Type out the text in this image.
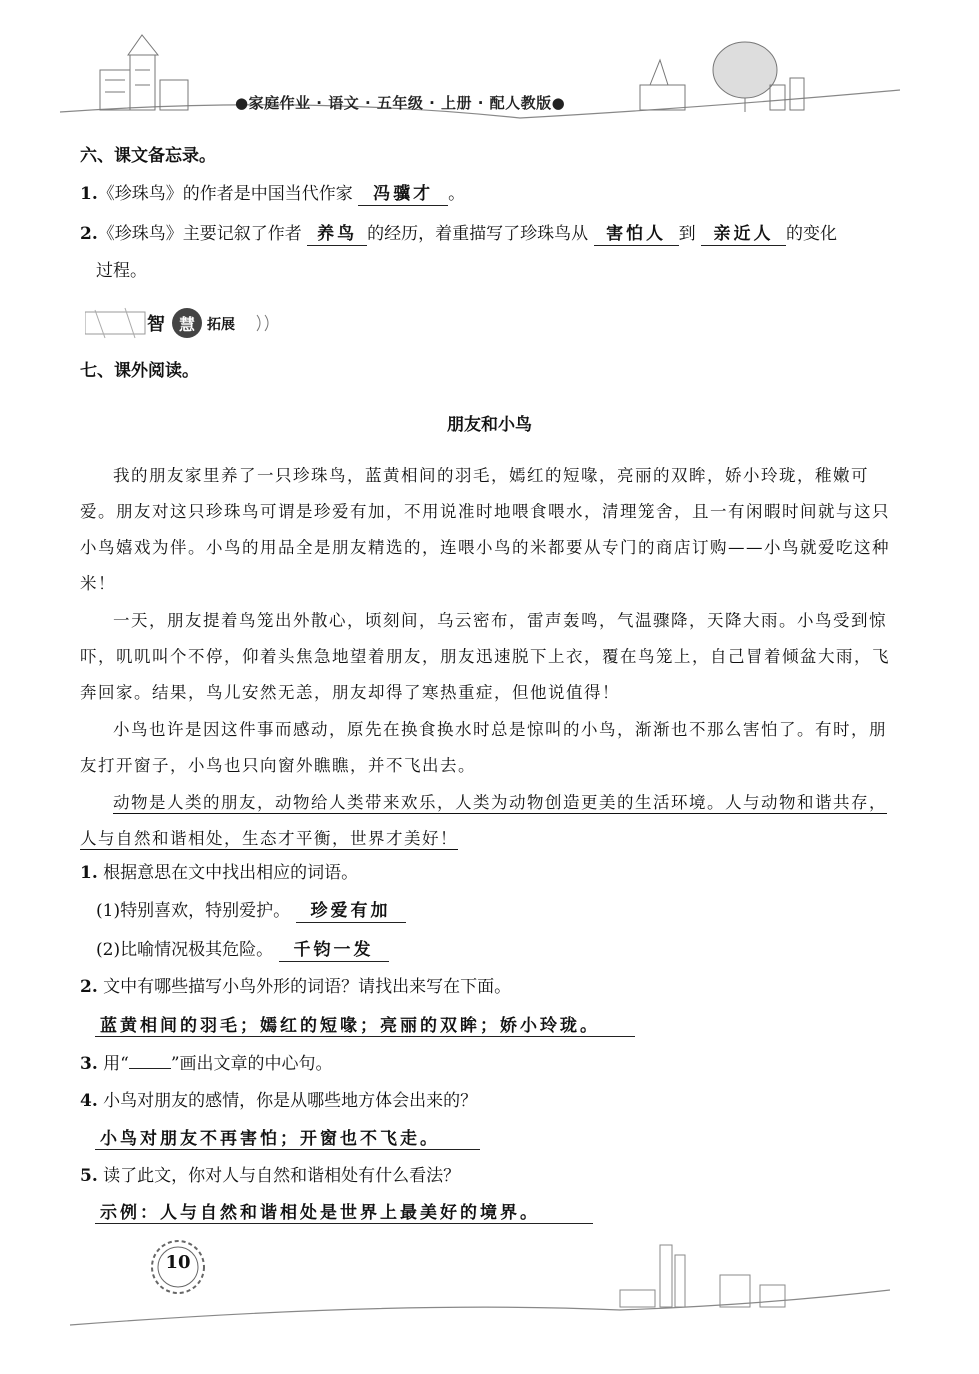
●家庭作业 · 语文 · 五年级 · 上册 · 配人教版●
六、课文备忘录。
1.《珍珠鸟》的作者是中国当代作家 冯骥才 。
2.《珍珠鸟》主要记叙了作者 养鸟 的经历，着重描写了珍珠鸟从 害怕人 到 亲近人 的变化
过程。
智 慧 拓展
七、课外阅读。
朋友和小鸟
我的朋友家里养了一只珍珠鸟，蓝黄相间的羽毛，嫣红的短喙，亮丽的双眸，娇小玲珑，稚嫩可爱。朋友对这只珍珠鸟可谓是珍爱有加，不用说准时地喂食喂水，清理笼舍，且一有闲暇时间就与这只小鸟嬉戏为伴。小鸟的用品全是朋友精选的，连喂小鸟的米都要从专门的商店订购——小鸟就爱吃这种米！
一天，朋友提着鸟笼出外散心，顷刻间，乌云密布，雷声轰鸣，气温骤降，天降大雨。小鸟受到惊吓，叽叽叫个不停，仰着头焦急地望着朋友，朋友迅速脱下上衣，覆在鸟笼上，自己冒着倾盆大雨，飞奔回家。结果，鸟儿安然无恙，朋友却得了寒热重症，但他说值得！
小鸟也许是因这件事而感动，原先在换食换水时总是惊叫的小鸟，渐渐也不那么害怕了。有时，朋友打开窗子，小鸟也只向窗外瞧瞧，并不飞出去。
动物是人类的朋友，动物给人类带来欢乐，人类为动物创造更美的生活环境。人与动物和谐共存，人与自然和谐相处，生态才平衡，世界才美好！
1. 根据意思在文中找出相应的词语。
(1)特别喜欢，特别爱护。 珍爱有加
(2)比喻情况极其危险。 千钧一发
2. 文中有哪些描写小鸟外形的词语？请找出来写在下面。
蓝黄相间的羽毛；嫣红的短喙；亮丽的双眸；娇小玲珑。
3. 用“ ”画出文章的中心句。
4. 小鸟对朋友的感情，你是从哪些地方体会出来的？
小鸟对朋友不再害怕；开窗也不飞走。
5. 读了此文，你对人与自然和谐相处有什么看法？
示例：人与自然和谐相处是世界上最美好的境界。
10
